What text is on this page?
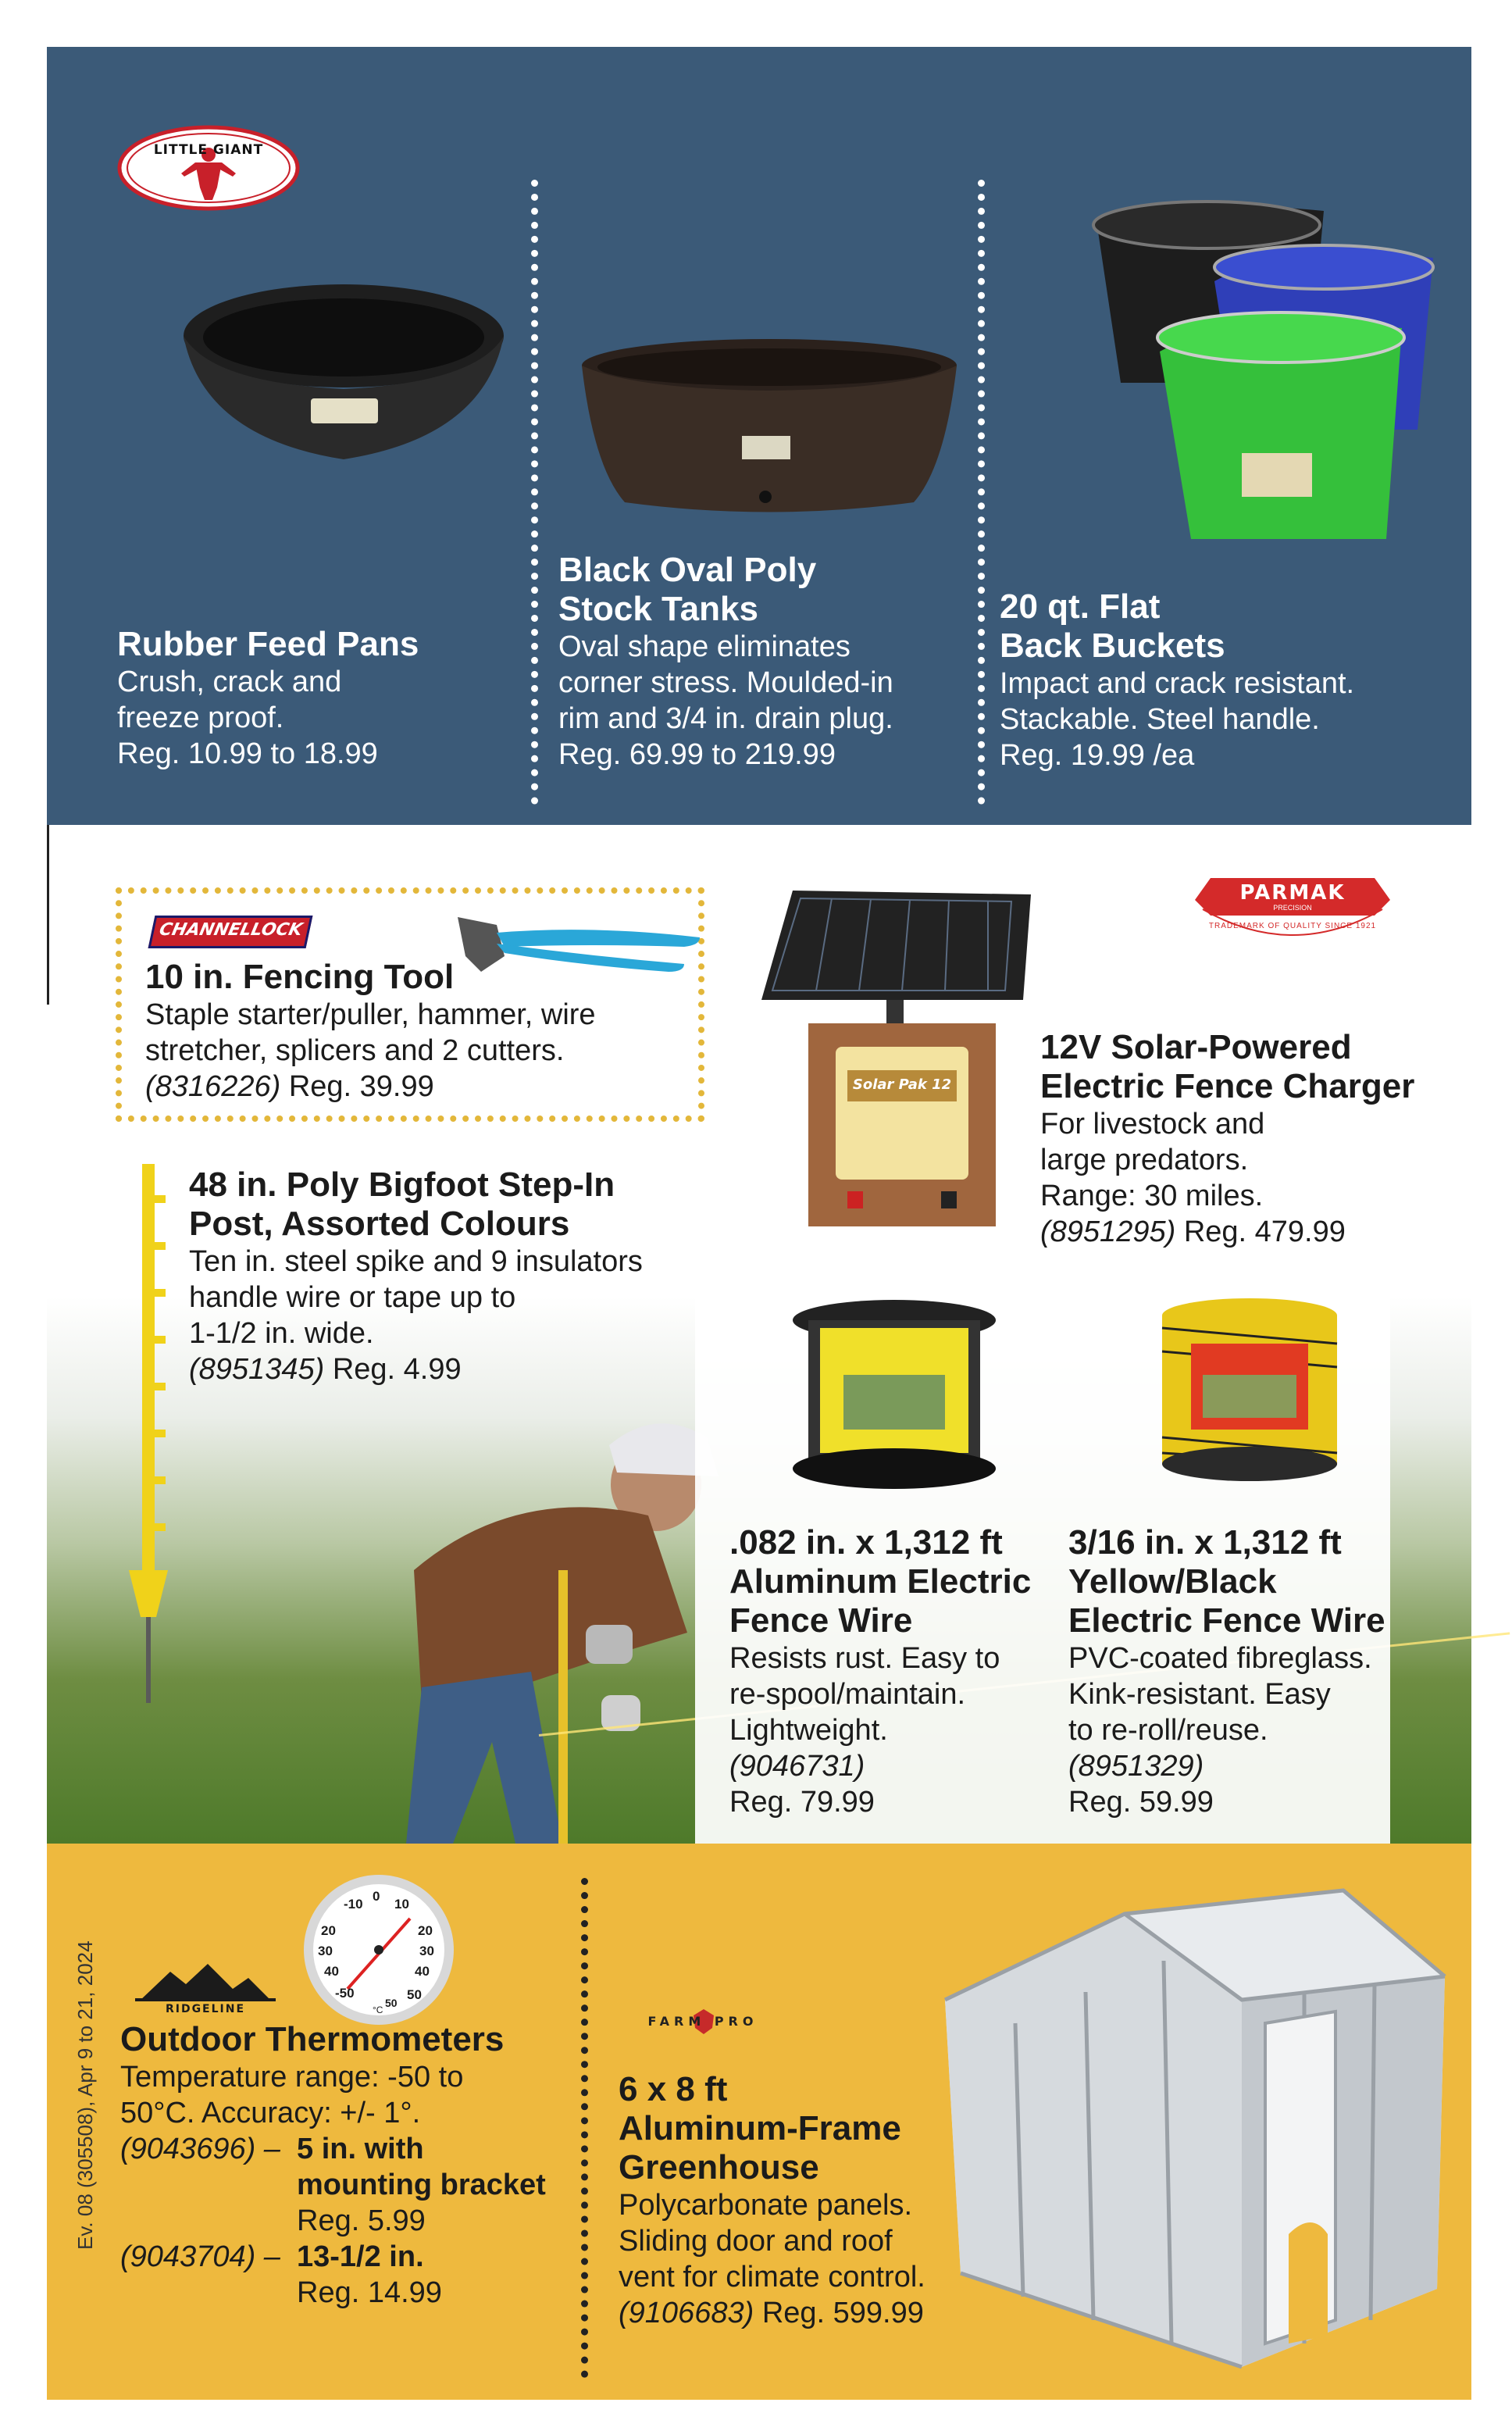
LITTLE GIANT
Rubber Feed Pans
Crush, crack and
freeze proof.
Reg. 10.99 to 18.99
Black Oval Poly
Stock Tanks
Oval shape eliminates
corner stress. Moulded-in
rim and 3/4 in. drain plug.
Reg. 69.99 to 219.99
20 qt. Flat
Back Buckets
Impact and crack resistant.
Stackable. Steel handle.
Reg. 19.99 /ea
CHANNELLOCK
10 in. Fencing Tool
Staple starter/puller, hammer, wire
stretcher, splicers and 2 cutters.
(8316226) Reg. 39.99
PARMAK
PRECISION
TRADEMARK OF QUALITY SINCE 1921
Solar Pak 12
12V Solar-Powered
Electric Fence Charger
For livestock and
large predators.
Range: 30 miles.
(8951295) Reg. 479.99
48 in. Poly Bigfoot Step-In
Post, Assorted Colours
Ten in. steel spike and 9 insulators
handle wire or tape up to
1-1/2 in. wide.
(8951345) Reg. 4.99
.082 in. x 1,312 ft
Aluminum Electric
Fence Wire
Resists rust. Easy to
re-spool/maintain.
Lightweight.
(9046731)
Reg. 79.99
3/16 in. x 1,312 ft
Yellow/Black
Electric Fence Wire
PVC-coated fibreglass.
Kink-resistant. Easy
to re-roll/reuse.
(8951329)
Reg. 59.99
Ev. 08 (305508), Apr 9 to 21, 2024	RIDGELINE
-10
0
10
20
30
40
50
20
30
40
-50
50
°C
Outdoor Thermometers
Temperature range: -50 to
50°C. Accuracy: +/- 1°.
(9043696) – 5 in. with
mounting bracket
Reg. 5.99
(9043704) – 13-1/2 in.
Reg. 14.99
FARM PRO
6 x 8 ft
Aluminum-Frame
Greenhouse
Polycarbonate panels.
Sliding door and roof
vent for climate control.
(9106683) Reg. 599.99
